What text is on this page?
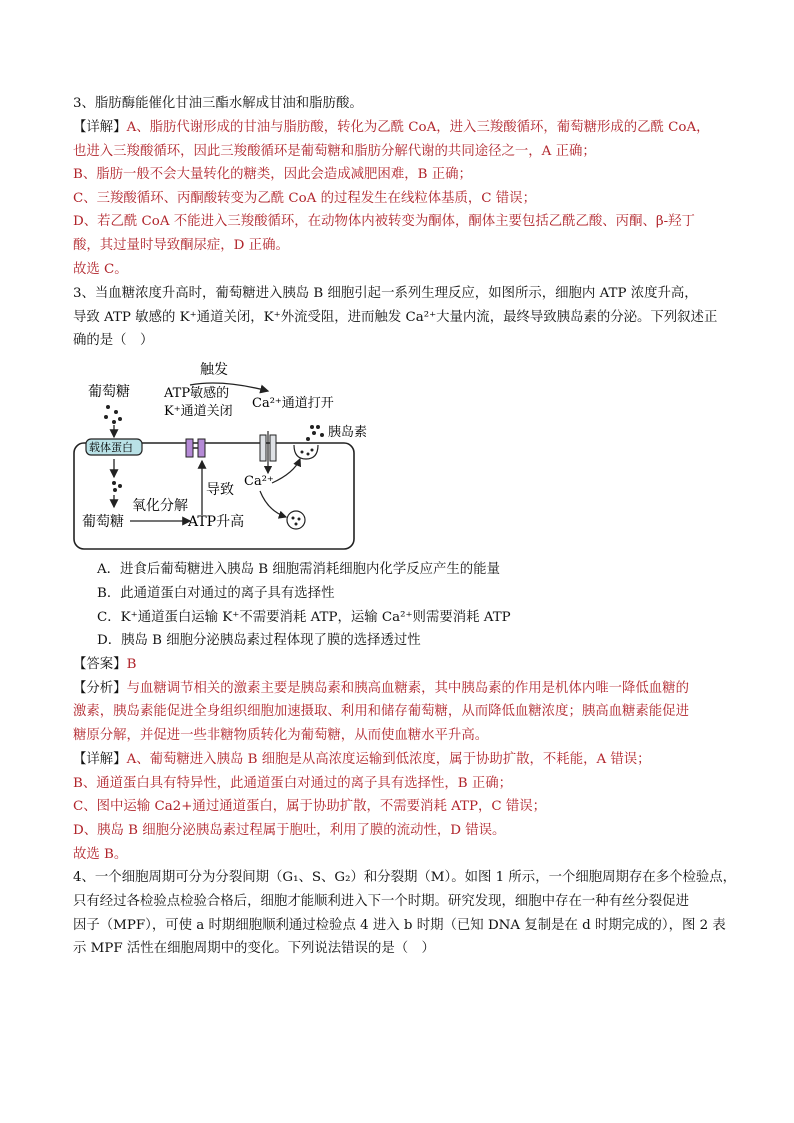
3、脂肪酶能催化甘油三酯水解成甘油和脂肪酸。
【详解】A、脂肪代谢形成的甘油与脂肪酸，转化为乙酰 CoA，进入三羧酸循环，葡萄糖形成的乙酰 CoA，
也进入三羧酸循环，因此三羧酸循环是葡萄糖和脂肪分解代谢的共同途径之一，A 正确；
B、脂肪一般不会大量转化的糖类，因此会造成减肥困难，B 正确；
C、三羧酸循环、丙酮酸转变为乙酰 CoA 的过程发生在线粒体基质，C 错误；
D、若乙酰 CoA 不能进入三羧酸循环，在动物体内被转变为酮体，酮体主要包括乙酰乙酸、丙酮、β-羟丁
酸，其过量时导致酮尿症，D 正确。
故选 C。
3、当血糖浓度升高时，葡萄糖进入胰岛 B 细胞引起一系列生理反应，如图所示，细胞内 ATP 浓度升高，
导致 ATP 敏感的 K⁺通道关闭，K⁺外流受阻，进而触发 Ca²⁺大量内流，最终导致胰岛素的分泌。下列叙述正
确的是（　）
葡萄糖
载体蛋白
葡萄糖
氧化分解
ATP升高
导致
ATP敏感的
K⁺通道关闭
触发
Ca²⁺通道打开
Ca²⁺
胰岛素
A．进食后葡萄糖进入胰岛 B 细胞需消耗细胞内化学反应产生的能量
B．此通道蛋白对通过的离子具有选择性
C．K⁺通道蛋白运输 K⁺不需要消耗 ATP，运输 Ca²⁺则需要消耗 ATP
D．胰岛 B 细胞分泌胰岛素过程体现了膜的选择透过性
【答案】B
【分析】与血糖调节相关的激素主要是胰岛素和胰高血糖素，其中胰岛素的作用是机体内唯一降低血糖的
激素，胰岛素能促进全身组织细胞加速摄取、利用和储存葡萄糖，从而降低血糖浓度；胰高血糖素能促进
糖原分解，并促进一些非糖物质转化为葡萄糖，从而使血糖水平升高。
【详解】A、葡萄糖进入胰岛 B 细胞是从高浓度运输到低浓度，属于协助扩散，不耗能，A 错误；
B、通道蛋白具有特异性，此通道蛋白对通过的离子具有选择性，B 正确；
C、图中运输 Ca2+通过通道蛋白，属于协助扩散，不需要消耗 ATP，C 错误；
D、胰岛 B 细胞分泌胰岛素过程属于胞吐，利用了膜的流动性，D 错误。
故选 B。
4、一个细胞周期可分为分裂间期（G₁、S、G₂）和分裂期（M）。如图 1 所示，一个细胞周期存在多个检验点，
只有经过各检验点检验合格后，细胞才能顺利进入下一个时期。研究发现，细胞中存在一种有丝分裂促进
因子（MPF），可使 a 时期细胞顺利通过检验点 4 进入 b 时期（已知 DNA 复制是在 d 时期完成的），图 2 表
示 MPF 活性在细胞周期中的变化。下列说法错误的是（　）
